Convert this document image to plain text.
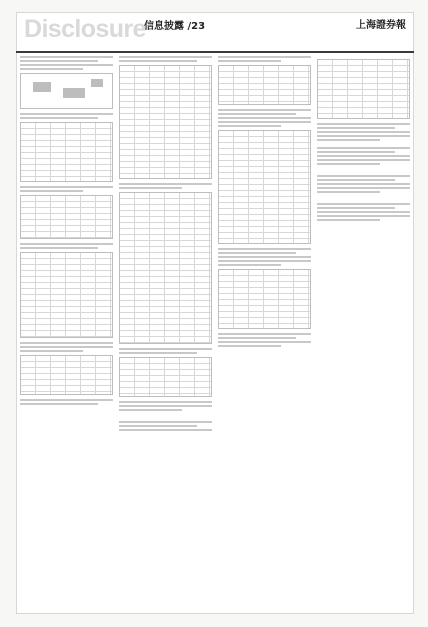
Disclosure
信息披露 /23	上海證券報
